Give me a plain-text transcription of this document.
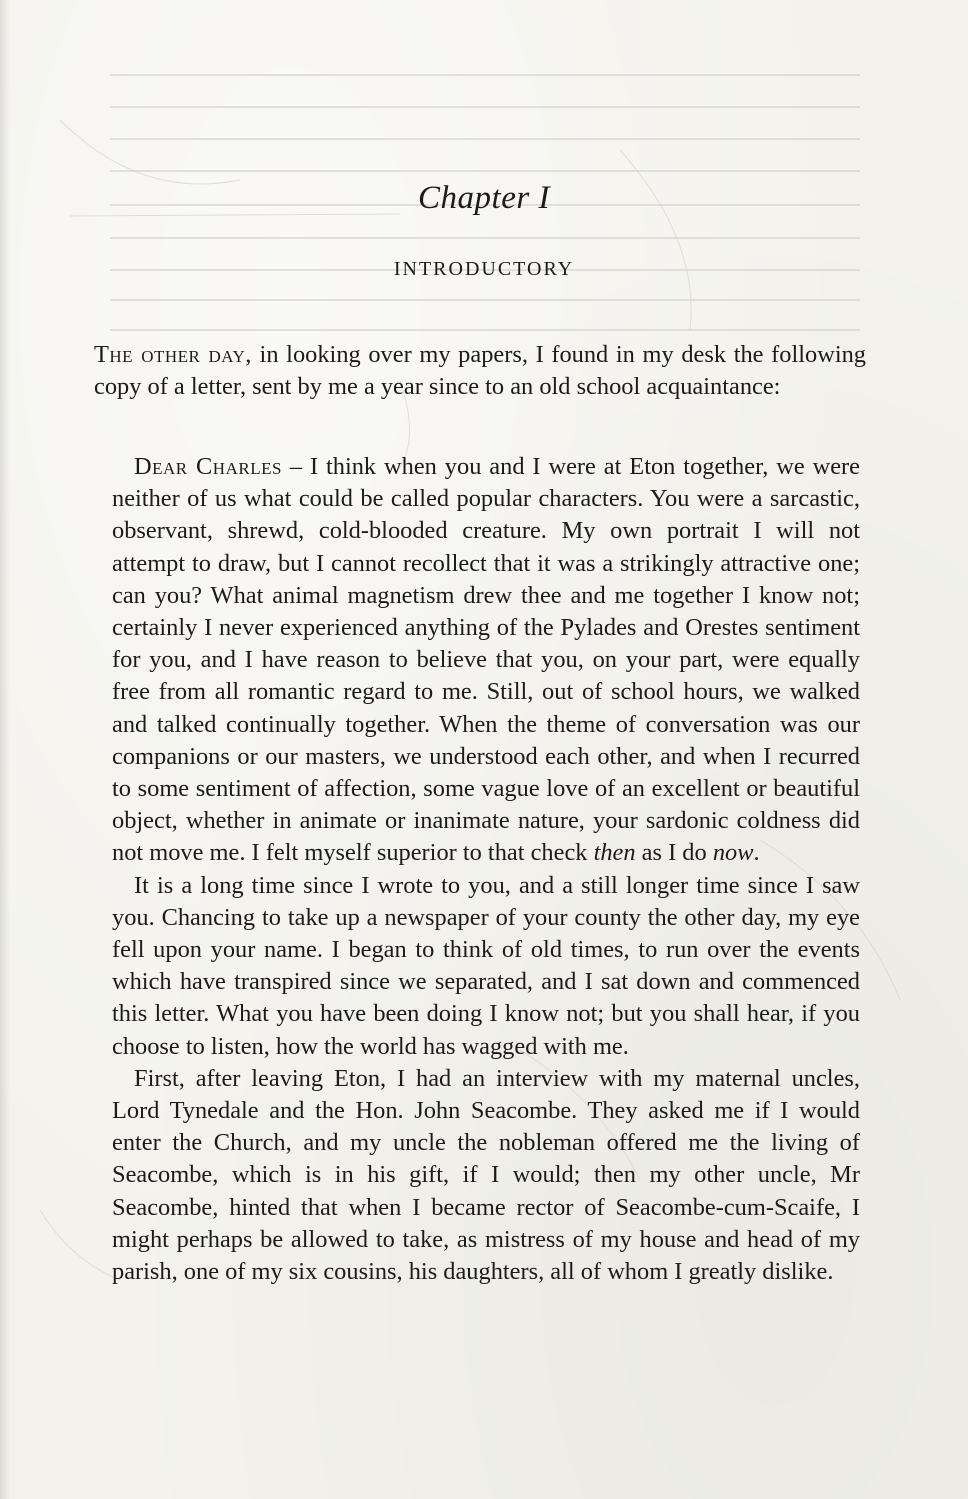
Chapter I
INTRODUCTORY

The other day, in looking over my papers, I found in my desk the following copy of a letter, sent by me a year since to an old school acquaintance:

Dear Charles – I think when you and I were at Eton together, we were neither of us what could be called popular characters. You were a sarcastic, observant, shrewd, cold-blooded creature. My own portrait I will not attempt to draw, but I cannot recollect that it was a strikingly attractive one; can you? What animal magnetism drew thee and me together I know not; certainly I never experienced anything of the Pylades and Orestes sentiment for you, and I have reason to believe that you, on your part, were equally free from all romantic regard to me. Still, out of school hours, we walked and talked continually together. When the theme of conversation was our companions or our masters, we understood each other, and when I recurred to some sentiment of affection, some vague love of an excellent or beautiful object, whether in animate or inanimate nature, your sardonic coldness did not move me. I felt myself superior to that check then as I do now.

It is a long time since I wrote to you, and a still longer time since I saw you. Chancing to take up a newspaper of your county the other day, my eye fell upon your name. I began to think of old times, to run over the events which have transpired since we separated, and I sat down and commenced this letter. What you have been doing I know not; but you shall hear, if you choose to listen, how the world has wagged with me.

First, after leaving Eton, I had an interview with my maternal uncles, Lord Tynedale and the Hon. John Seacombe. They asked me if I would enter the Church, and my uncle the nobleman offered me the living of Seacombe, which is in his gift, if I would; then my other uncle, Mr Seacombe, hinted that when I became rector of Seacombe-cum-Scaife, I might perhaps be allowed to take, as mistress of my house and head of my parish, one of my six cousins, his daughters, all of whom I greatly dislike.
